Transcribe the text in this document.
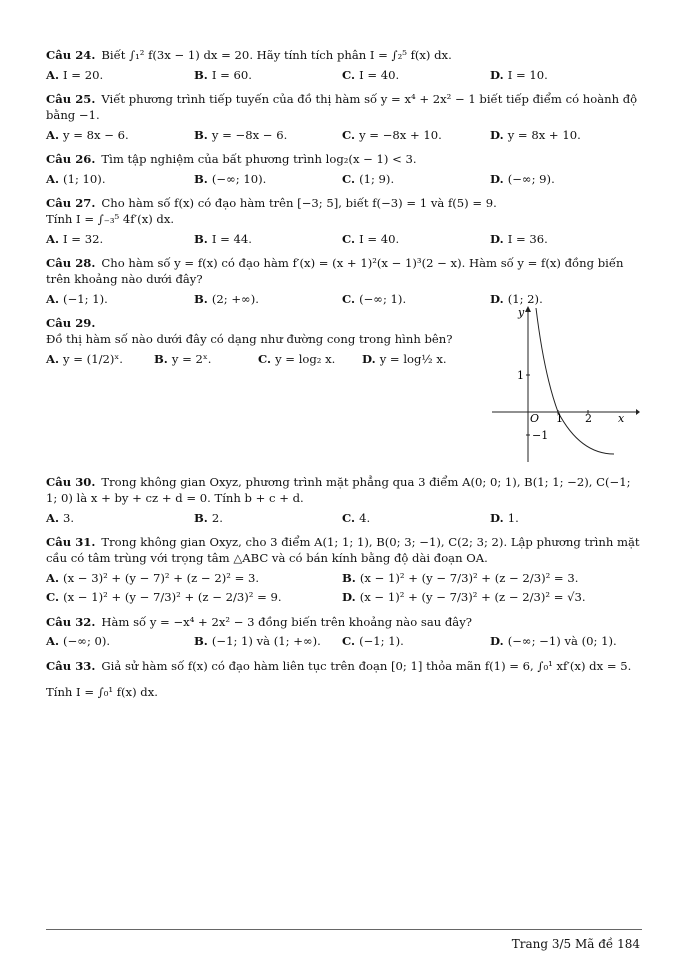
Câu 24. Biết ∫₁² f(3x − 1) dx = 20. Hãy tính tích phân I = ∫₂⁵ f(x) dx.
A. I = 20.	B. I = 60.	C. I = 40.	D. I = 10.
Câu 25. Viết phương trình tiếp tuyến của đồ thị hàm số y = x⁴ + 2x² − 1 biết tiếp điểm có hoành độ bằng −1.
A. y = 8x − 6.	B. y = −8x − 6.	C. y = −8x + 10.	D. y = 8x + 10.
Câu 26. Tìm tập nghiệm của bất phương trình log₂(x − 1) < 3.
A. (1; 10).	B. (−∞; 10).	C. (1; 9).	D. (−∞; 9).
Câu 27. Cho hàm số f(x) có đạo hàm trên [−3; 5], biết f(−3) = 1 và f(5) = 9.
Tính I = ∫₋₃⁵ 4f′(x) dx.
A. I = 32.	B. I = 44.	C. I = 40.	D. I = 36.
Câu 28. Cho hàm số y = f(x) có đạo hàm f′(x) = (x + 1)²(x − 1)³(2 − x). Hàm số y = f(x) đồng biến trên khoảng nào dưới đây?
A. (−1; 1).	B. (2; +∞).	C. (−∞; 1).	D. (1; 2).
Câu 29.
Đồ thị hàm số nào dưới đây có dạng như đường cong trong hình bên?
A. y = (1/2)ˣ.	B. y = 2ˣ.	C. y = log₂ x.	D. y = log½ x.
y
x
O 1 2
1
−1
Câu 30. Trong không gian Oxyz, phương trình mặt phẳng qua 3 điểm A(0; 0; 1), B(1; 1; −2), C(−1; 1; 0) là x + by + cz + d = 0. Tính b + c + d.
A. 3.	B. 2.	C. 4.	D. 1.
Câu 31. Trong không gian Oxyz, cho 3 điểm A(1; 1; 1), B(0; 3; −1), C(2; 3; 2). Lập phương trình mặt cầu có tâm trùng với trọng tâm △ABC và có bán kính bằng độ dài đoạn OA.
A. (x − 3)² + (y − 7)² + (z − 2)² = 3.	B. (x − 1)² + (y − 7/3)² + (z − 2/3)² = 3.
C. (x − 1)² + (y − 7/3)² + (z − 2/3)² = 9.	D. (x − 1)² + (y − 7/3)² + (z − 2/3)² = √3.
Câu 32. Hàm số y = −x⁴ + 2x² − 3 đồng biến trên khoảng nào sau đây?
A. (−∞; 0).	B. (−1; 1) và (1; +∞).	C. (−1; 1).	D. (−∞; −1) và (0; 1).
Câu 33. Giả sử hàm số f(x) có đạo hàm liên tục trên đoạn [0; 1] thỏa mãn f(1) = 6, ∫₀¹ xf′(x) dx = 5.
Tính I = ∫₀¹ f(x) dx.
Trang 3/5 Mã đề 184
